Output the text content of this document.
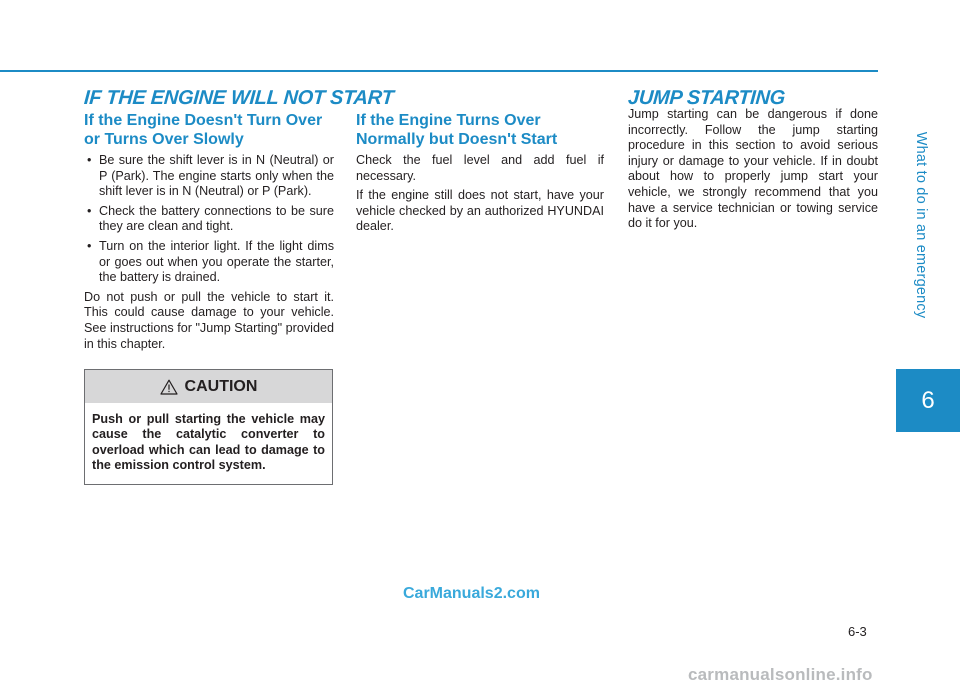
What to do in an emergency
6
IF THE ENGINE WILL NOT START	JUMP STARTING
If the Engine Doesn't Turn Over or Turns Over Slowly
• Be sure the shift lever is in N (Neutral) or P (Park). The engine starts only when the shift lever is in N (Neutral) or P (Park).
• Check the battery connections to be sure they are clean and tight.
• Turn on the interior light. If the light dims or goes out when you operate the starter, the battery is drained.

Do not push or pull the vehicle to start it. This could cause damage to your vehicle. See instructions for "Jump Starting" provided in this chapter.

CAUTION
Push or pull starting the vehicle may cause the catalytic converter to overload which can lead to damage to the emission control system.
If the Engine Turns Over Normally but Doesn't Start

Check the fuel level and add fuel if necessary.

If the engine still does not start, have your vehicle checked by an authorized HYUNDAI dealer.

Jump starting can be dangerous if done incorrectly. Follow the jump starting procedure in this section to avoid serious injury or damage to your vehicle. If in doubt about how to properly jump start your vehicle, we strongly recommend that you have a service technician or towing service do it for you.

6-3
CarManuals2.com
carmanualsonline.info
